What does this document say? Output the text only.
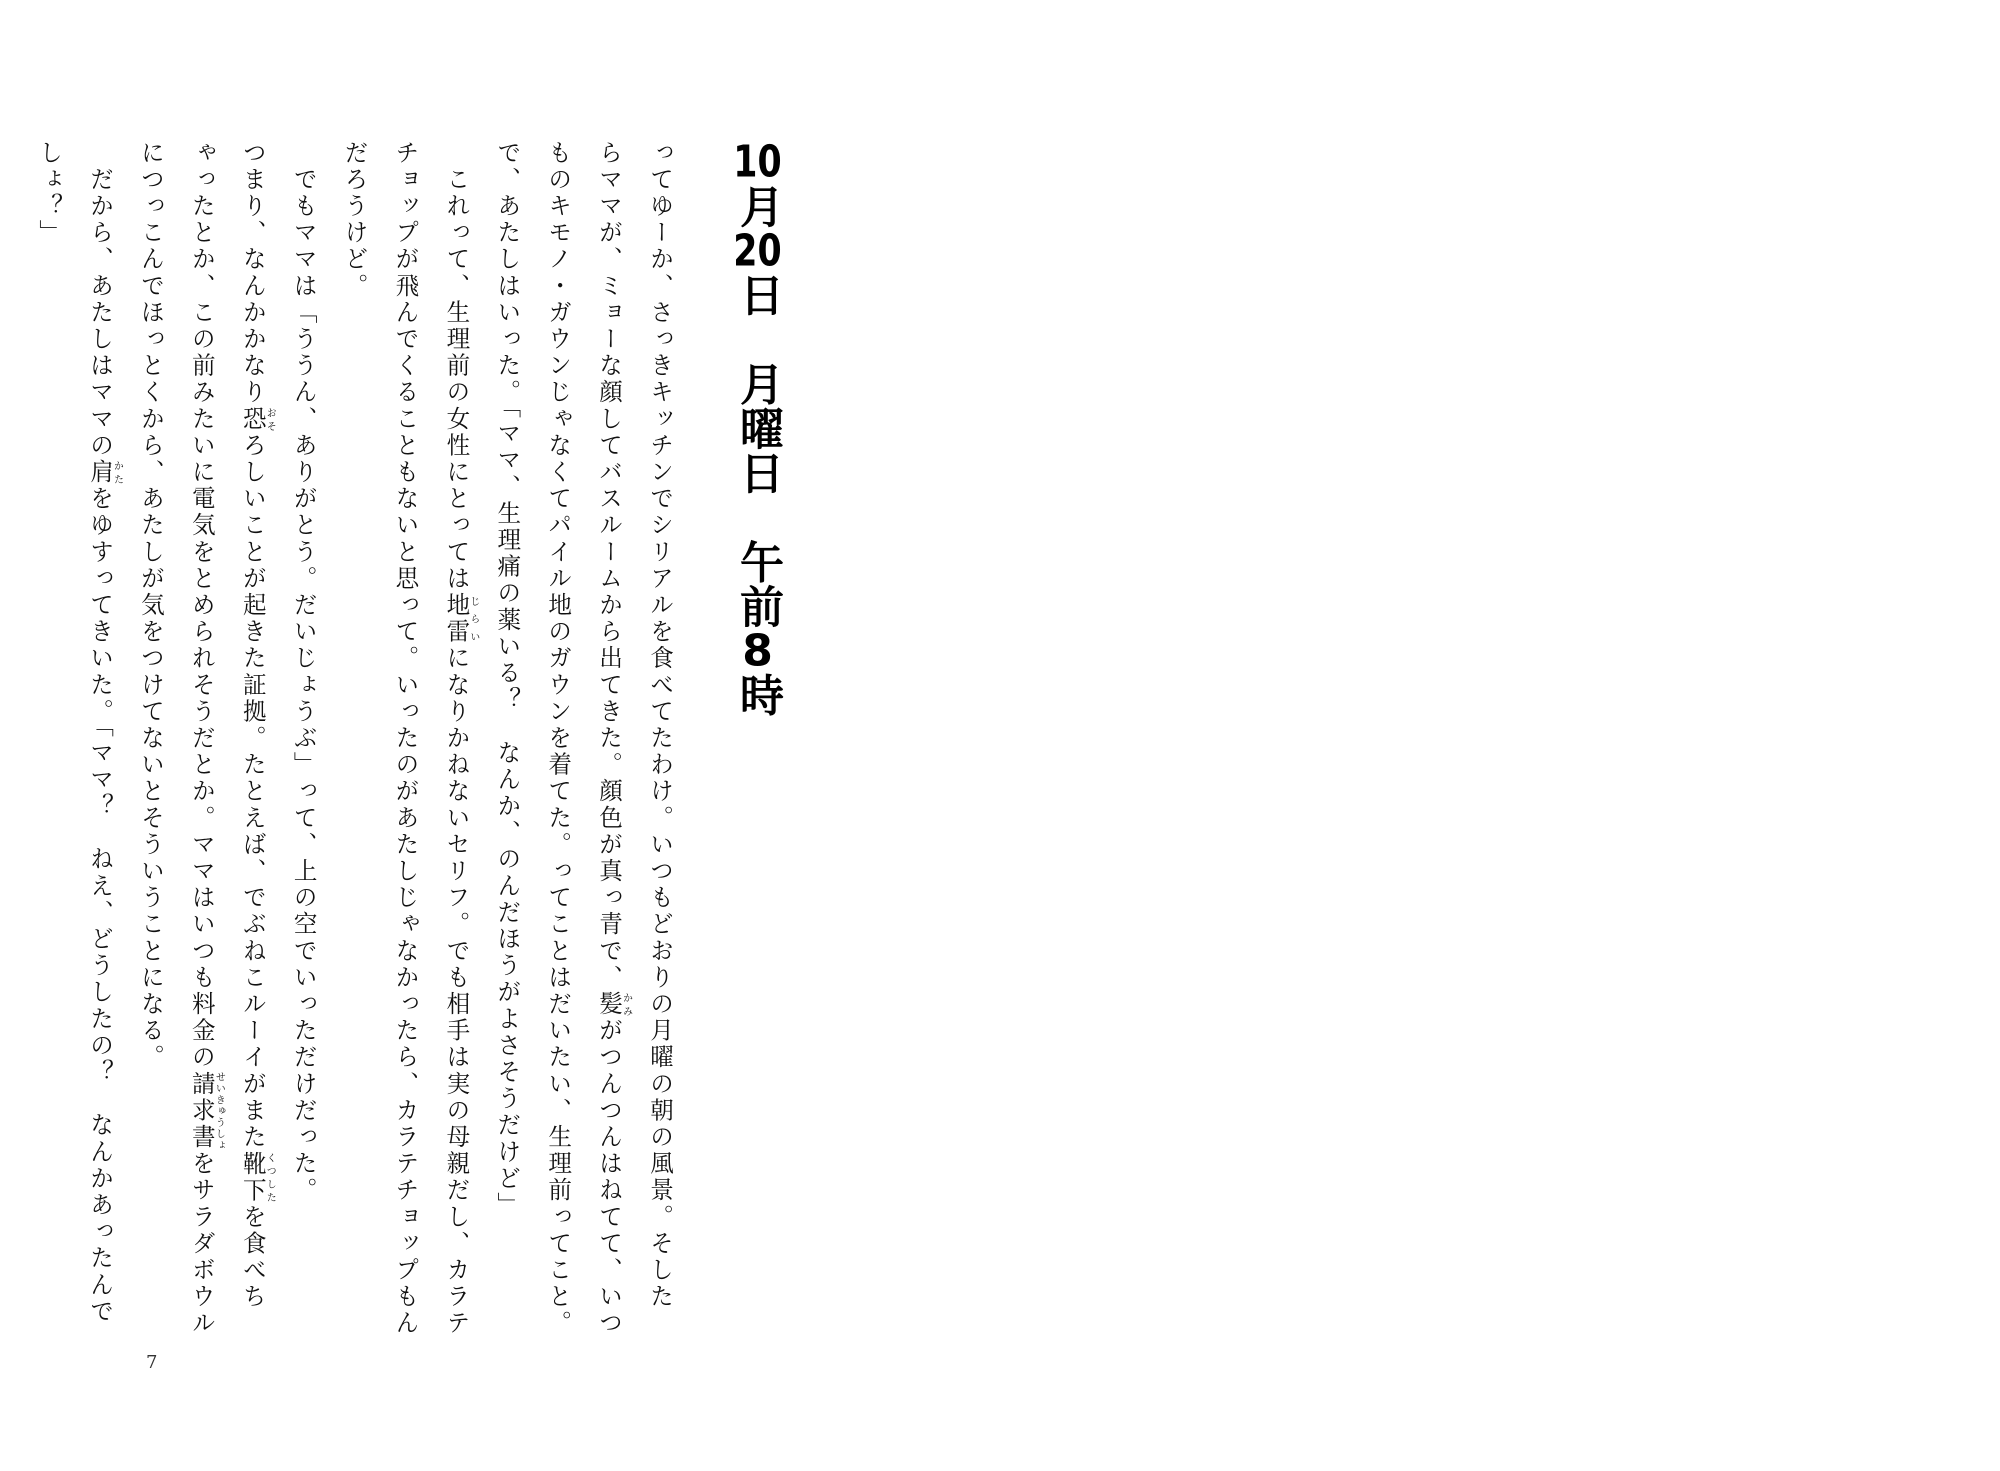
10月20日　月曜日　午前8時

ってゆーか、さっきキッチンでシリアルを食べてたわけ。いつもどおりの月曜の朝の風景。そした

らママが、ミョーな顔してバスルームから出てきた。顔色が真っ青で、髪かみがつんつんはねてて、いつ

ものキモノ・ガウンじゃなくてパイル地のガウンを着てた。ってことはだいたい、生理前ってこと。

で、あたしはいった。「ママ、生理痛の薬いる？　なんか、のんだほうがよさそうだけど」

　これって、生理前の女性にとっては地雷じらいになりかねないセリフ。でも相手は実の母親だし、カラテ

チョップが飛んでくることもないと思って。いったのがあたしじゃなかったら、カラテチョップもん

だろうけど。

　でもママは「ううん、ありがとう。だいじょうぶ」って、上の空でいっただけだった。

つまり、なんかかなり恐おそろしいことが起きた証拠。たとえば、でぶねこルーイがまた靴下くつしたを食べち

ゃったとか、この前みたいに電気をとめられそうだとか。ママはいつも料金の請求書せいきゅうしょをサラダボウル

につっこんでほっとくから、あたしが気をつけてないとそういうことになる。

　だから、あたしはママの肩かたをゆすってきいた。「ママ？　ねえ、どうしたの？　なんかあったんで

しょ？」

7
